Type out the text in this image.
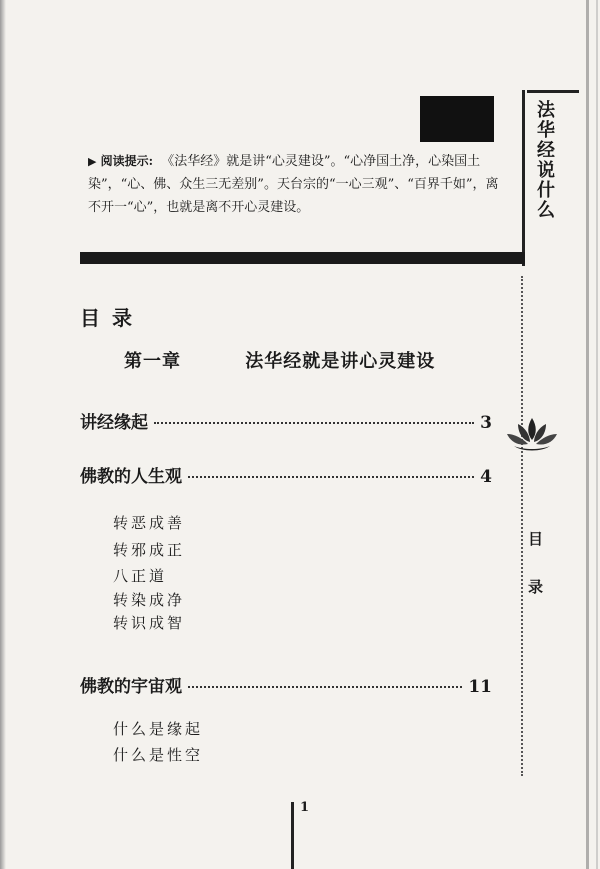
法华经说什么
目
录
▶ 阅读提示: 《法华经》就是讲“心灵建设”。“心净国土净，心染国土染”，“心、佛、众生三无差别”。天台宗的“一心三观”、“百界千如”，离不开一“心”，也就是离不开心灵建设。
目录
第一章	法华经就是讲心灵建设
讲经缘起	3
佛教的人生观	4
转恶成善
转邪成正
八正道
转染成净
转识成智
佛教的宇宙观	11
什么是缘起
什么是性空
1
